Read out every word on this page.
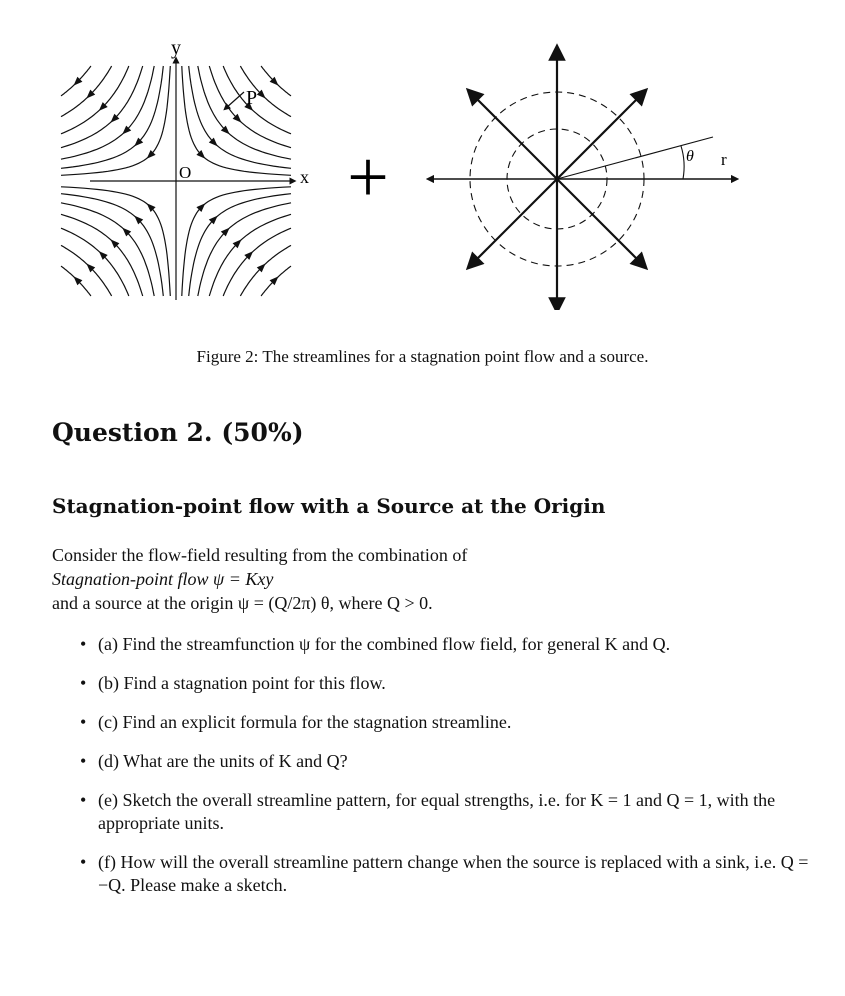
y
x
O
P
+	θ r
Figure 2: The streamlines for a stagnation point flow and a source.
Question 2. (50%)
Stagnation-point flow with a Source at the Origin
Consider the flow-field resulting from the combination of
Stagnation-point flow ψ = Kxy
and a source at the origin ψ = (Q/2π) θ, where Q > 0.
• (a) Find the streamfunction ψ for the combined flow field, for general K and Q.
• (b) Find a stagnation point for this flow.
• (c) Find an explicit formula for the stagnation streamline.
• (d) What are the units of K and Q?
• (e) Sketch the overall streamline pattern, for equal strengths, i.e. for K = 1 and Q = 1, with the appropriate units.
• (f) How will the overall streamline pattern change when the source is replaced with a sink, i.e. Q = −Q. Please make a sketch.
